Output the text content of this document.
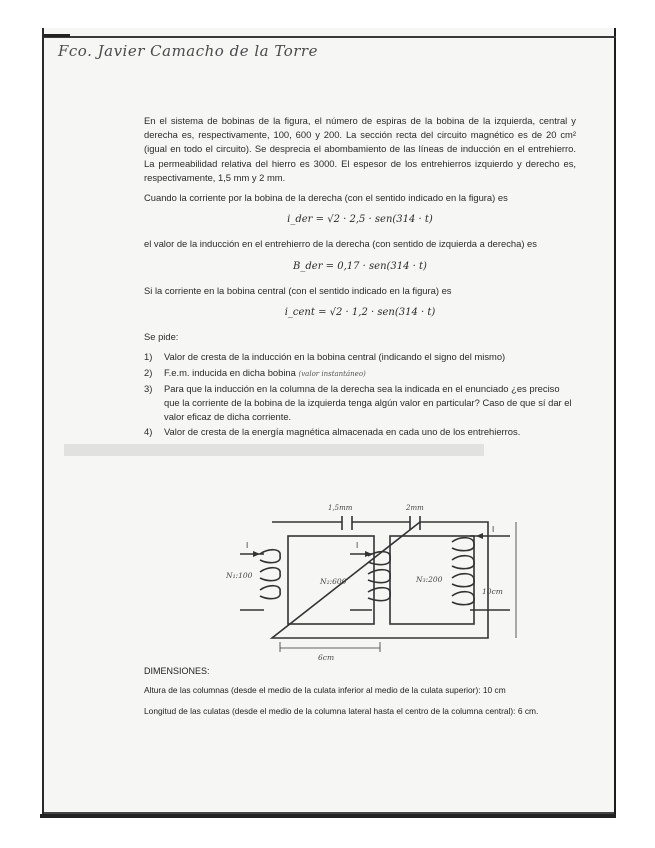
Fco. Javier Camacho de la Torre

En el sistema de bobinas de la figura, el número de espiras de la bobina de la izquierda, central y derecha es, respectivamente, 100, 600 y 200. La sección recta del circuito magnético es de 20 cm² (igual en todo el circuito). Se desprecia el abombamiento de las líneas de inducción en el entrehierro. La permeabilidad relativa del hierro es 3000. El espesor de los entrehierros izquierdo y derecho es, respectivamente, 1,5 mm y 2 mm.

Cuando la corriente por la bobina de la derecha (con el sentido indicado en la figura) es

i_der = √2 · 2,5 · sen(314 · t)

el valor de la inducción en el entrehierro de la derecha (con sentido de izquierda a derecha) es

B_der = 0,17 · sen(314 · t)

Si la corriente en la bobina central (con el sentido indicado en la figura) es

i_cent = √2 · 1,2 · sen(314 · t)

Se pide:

1)	Valor de cresta de la inducción en la bobina central (indicando el signo del mismo)
2)	F.e.m. inducida en dicha bobina (valor instantáneo)
3)	Para que la inducción en la columna de la derecha sea la indicada en el enunciado ¿es preciso que la corriente de la bobina de la izquierda tenga algún valor en particular? Caso de que sí dar el valor eficaz de dicha corriente.
4)	Valor de cresta de la energía magnética almacenada en cada uno de los entrehierros.
I	I
I
1,5mm	2mm
N₁:100
N₂:600	N₃:200
10cm
6cm
DIMENSIONES:

Altura de las columnas (desde el medio de la culata inferior al medio de la culata superior): 10 cm

Longitud de las culatas (desde el medio de la columna lateral hasta el centro de la columna central): 6 cm.
